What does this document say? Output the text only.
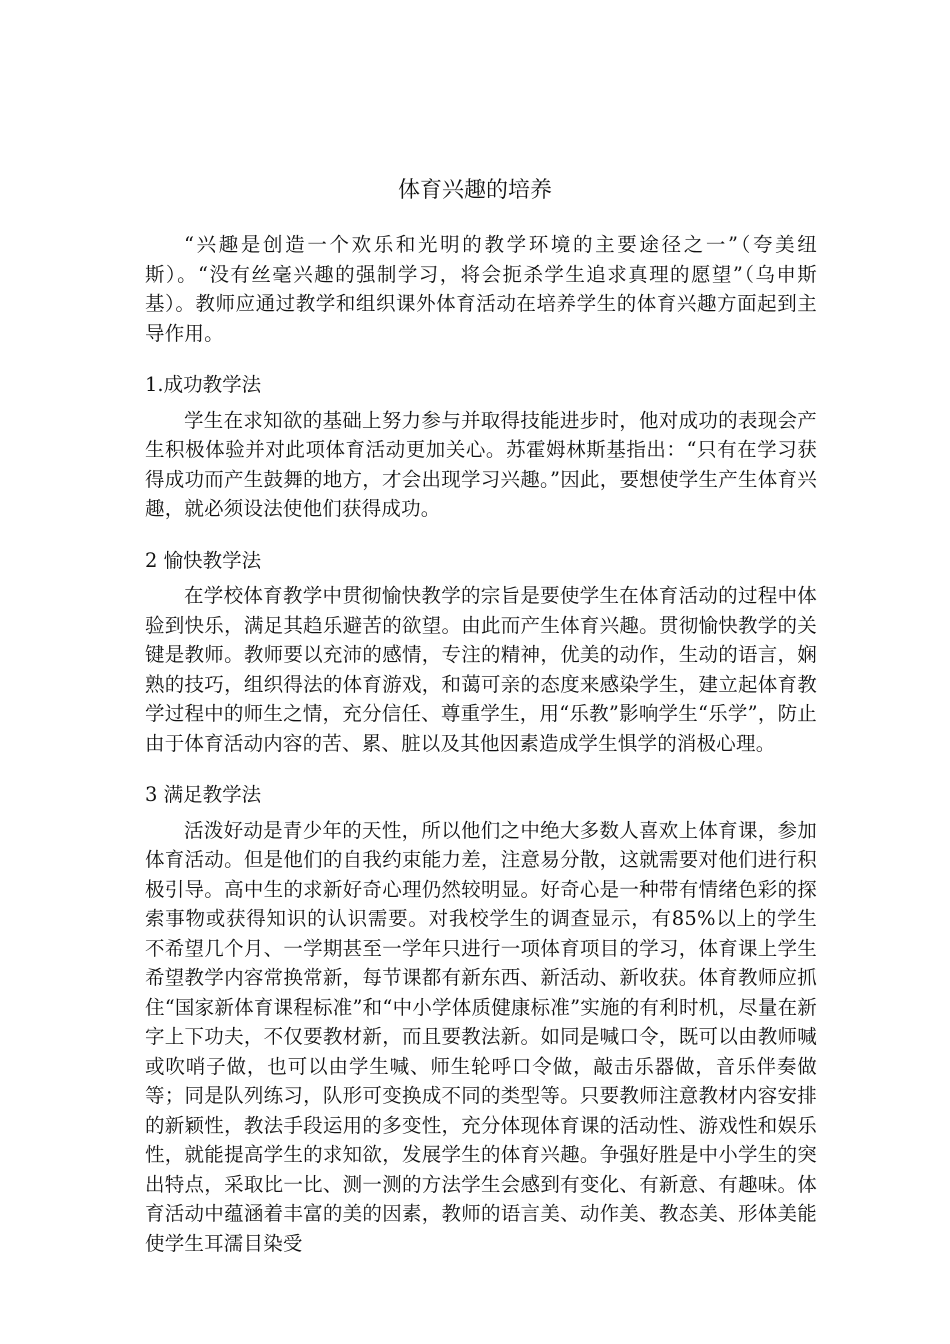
体育兴趣的培养

“兴趣是创造一个欢乐和光明的教学环境的主要途径之一”（夸美纽斯）。“没有丝毫兴趣的强制学习，将会扼杀学生追求真理的愿望”（乌申斯基）。教师应通过教学和组织课外体育活动在培养学生的体育兴趣方面起到主导作用。

1.成功教学法

学生在求知欲的基础上努力参与并取得技能进步时，他对成功的表现会产生积极体验并对此项体育活动更加关心。苏霍姆林斯基指出：“只有在学习获得成功而产生鼓舞的地方，才会出现学习兴趣。”因此，要想使学生产生体育兴趣，就必须设法使他们获得成功。

2 愉快教学法

在学校体育教学中贯彻愉快教学的宗旨是要使学生在体育活动的过程中体验到快乐，满足其趋乐避苦的欲望。由此而产生体育兴趣。贯彻愉快教学的关键是教师。教师要以充沛的感情，专注的精神，优美的动作，生动的语言，娴熟的技巧，组织得法的体育游戏，和蔼可亲的态度来感染学生，建立起体育教学过程中的师生之情，充分信任、尊重学生，用“乐教”影响学生“乐学”，防止由于体育活动内容的苦、累、脏以及其他因素造成学生惧学的消极心理。

3 满足教学法

活泼好动是青少年的天性，所以他们之中绝大多数人喜欢上体育课，参加体育活动。但是他们的自我约束能力差，注意易分散，这就需要对他们进行积极引导。高中生的求新好奇心理仍然较明显。好奇心是一种带有情绪色彩的探索事物或获得知识的认识需要。对我校学生的调查显示，有85%以上的学生不希望几个月、一学期甚至一学年只进行一项体育项目的学习，体育课上学生希望教学内容常换常新，每节课都有新东西、新活动、新收获。体育教师应抓住“国家新体育课程标准”和“中小学体质健康标准”实施的有利时机，尽量在新字上下功夫，不仅要教材新，而且要教法新。如同是喊口令，既可以由教师喊或吹哨子做，也可以由学生喊、师生轮呼口令做，敲击乐器做，音乐伴奏做等；同是队列练习，队形可变换成不同的类型等。只要教师注意教材内容安排的新颖性，教法手段运用的多变性，充分体现体育课的活动性、游戏性和娱乐性，就能提高学生的求知欲，发展学生的体育兴趣。争强好胜是中小学生的突出特点，采取比一比、测一测的方法学生会感到有变化、有新意、有趣味。体育活动中蕴涵着丰富的美的因素，教师的语言美、动作美、教态美、形体美能使学生耳濡目染受
